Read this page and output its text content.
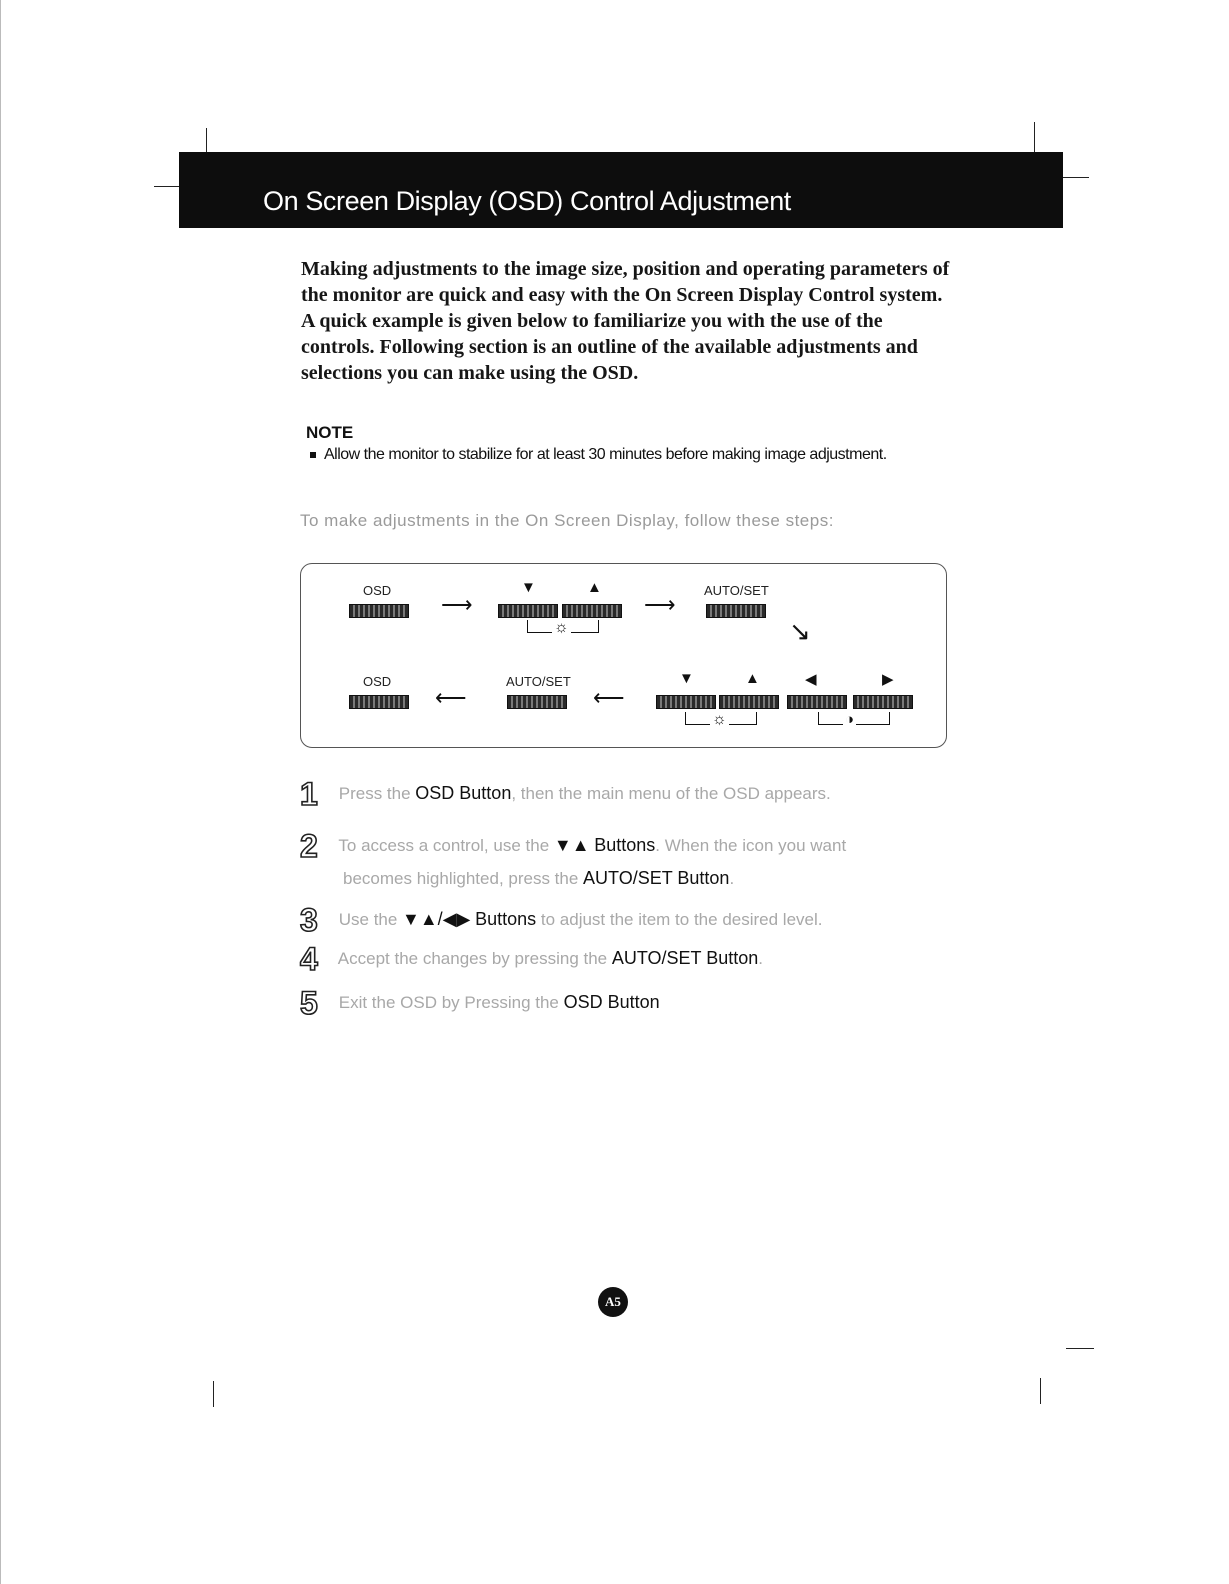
On Screen Display (OSD) Control Adjustment
Making adjustments to the image size, position and operating parameters of the monitor are quick and easy with the On Screen Display Control system. A quick example is given below to familiarize you with the use of the controls. Following section is an outline of the available adjustments and selections you can make using the OSD.
NOTE
Allow the monitor to stabilize for at least 30 minutes before making image adjustment.
To make adjustments in the On Screen Display, follow these steps:
OSD
⟶
▼	▲
☼
⟶
AUTO/SET
↘
OSD
⟵
AUTO/SET
⟵
▼	▲	◀	▶
☼	◑
1 Press the OSD Button, then the main menu of the OSD appears.
2 To access a control, use the ▼▲ Buttons. When the icon you want
becomes highlighted, press the AUTO/SET Button.
3 Use the ▼▲/◀▶ Buttons to adjust the item to the desired level.
4 Accept the changes by pressing the AUTO/SET Button.
5 Exit the OSD by Pressing the OSD Button
A5
